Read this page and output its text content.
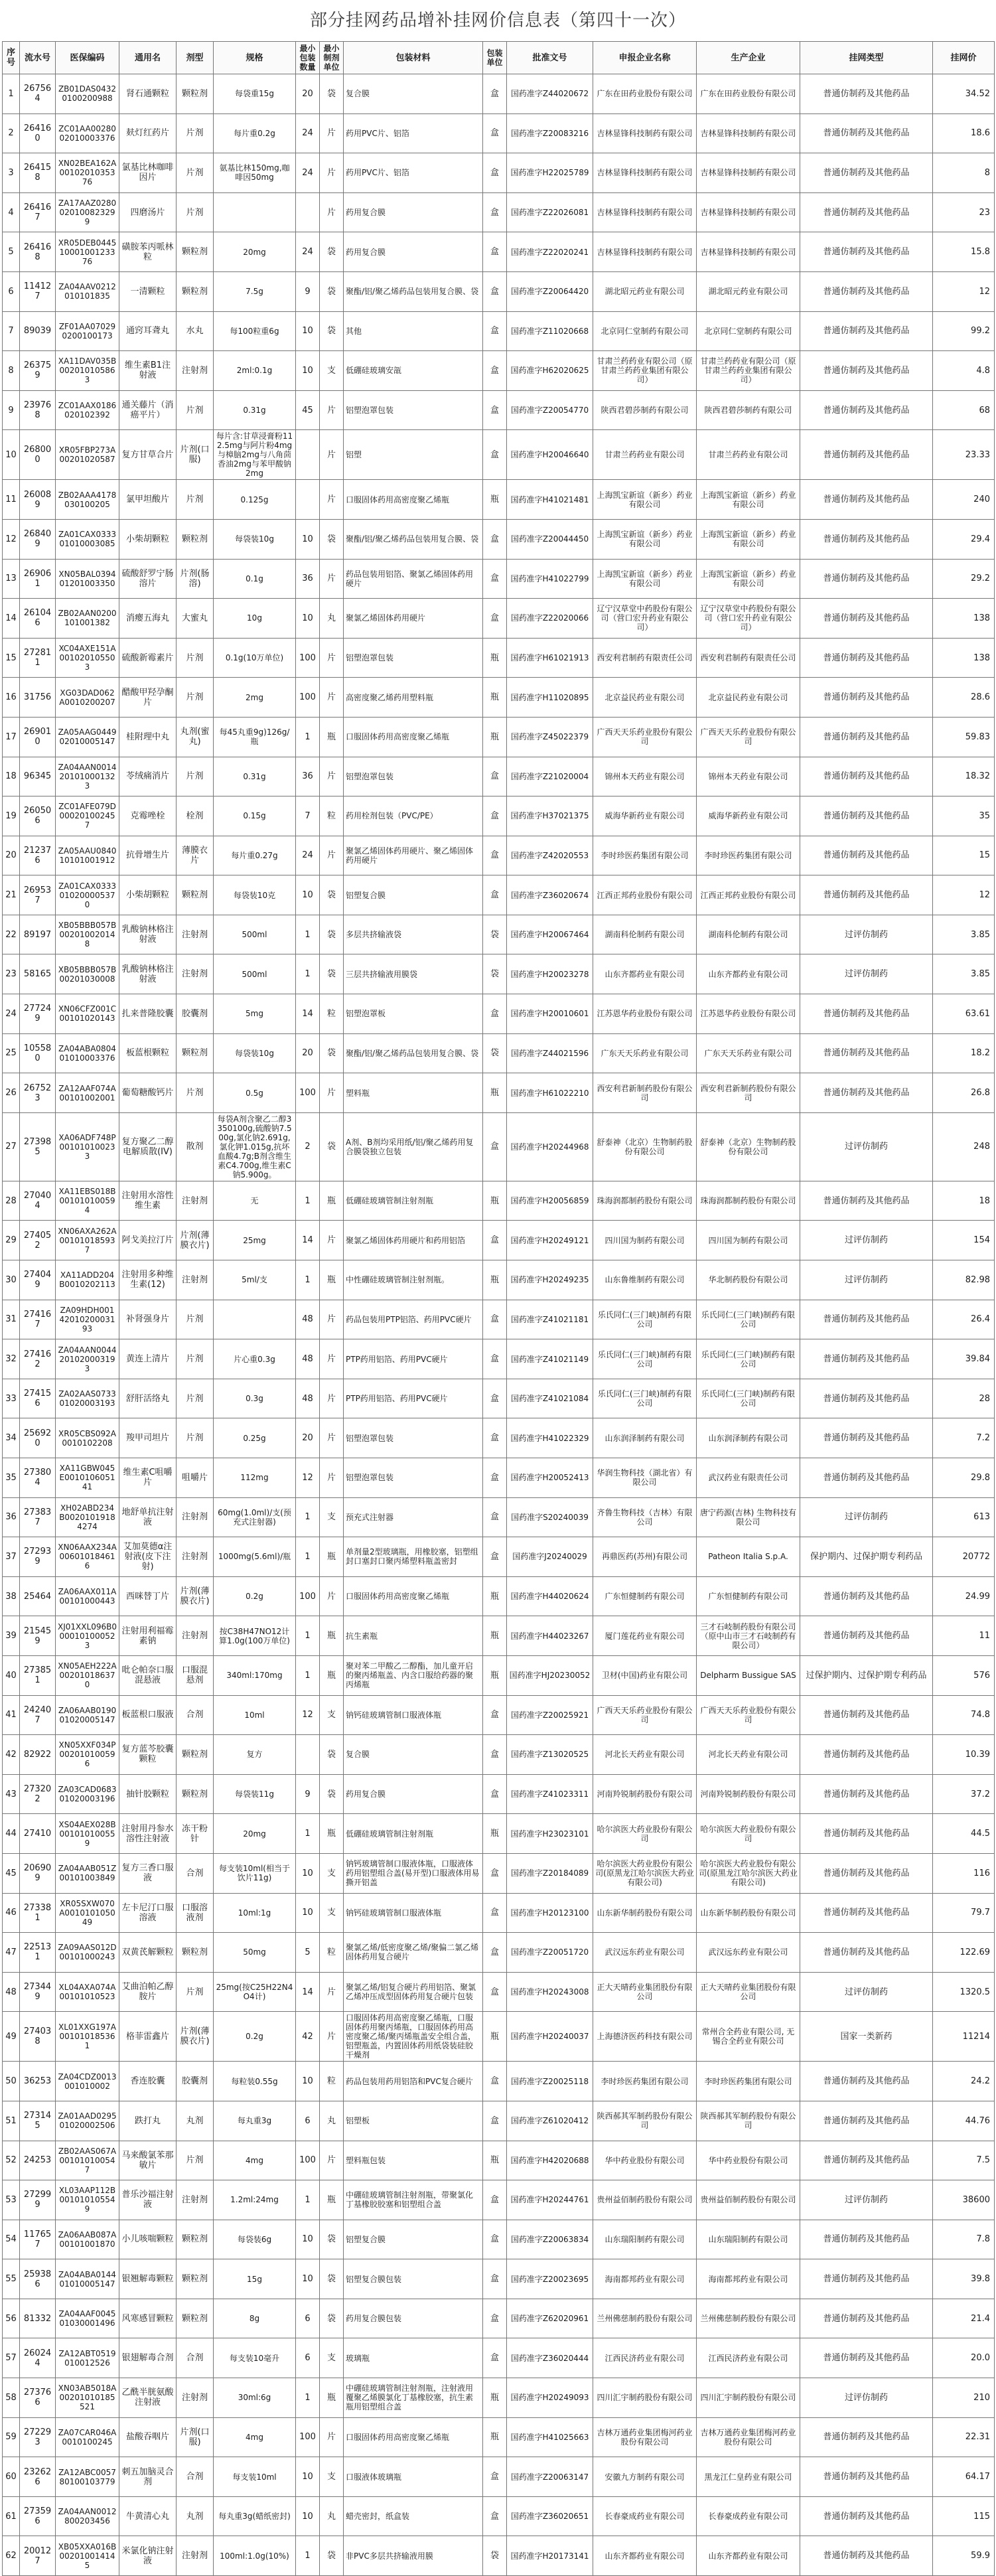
部分挂网药品增补挂网价信息表（第四十一次）
序号	流水号	医保编码	通用名	剂型	规格	最小包装数量	最小制剂单位	包装材料	包装单位	批准文号	申报企业名称	生产企业	挂网类型	挂网价
1	267564	ZB01DAS04320100200988	肾石通颗粒	颗粒剂	每袋重15g	20	袋	复合膜	盒	国药准字Z44020672	广东在田药业股份有限公司	广东在田药业股份有限公司	普通仿制药及其他药品	34.52
2	264160	ZC01AA0028002010003376	麸灯红药片	片剂	每片重0.2g	24	片	药用PVC片、铝箔	盒	国药准字Z20083216	吉林显锋科技制药有限公司	吉林显锋科技制药有限公司	普通仿制药及其他药品	18.6
3	264158	XN02BEA162A0010201035376	氯基比林咖啡因片	片剂	氨基比林150mg,咖啡因50mg	24	片	药用PVC片、铝箔	盒	国药准字H22025789	吉林显锋科技制药有限公司	吉林显锋科技制药有限公司	普通仿制药及其他药品	8
4	264167	ZA17AAZ0280020100823299	四磨汤片	片剂			片	药用复合膜	盒	国药准字Z22026081	吉林显锋科技制药有限公司	吉林显锋科技制药有限公司	普通仿制药及其他药品	23
5	264168	XR05DEB04451000100123376	磺胺苯丙哌林粒	颗粒剂	20mg	24	袋	药用复合膜	盒	国药准字Z22020241	吉林显锋科技制药有限公司	吉林显锋科技制药有限公司	普通仿制药及其他药品	15.8
6	114127	ZA04AAV0212010101835	一清颗粒	颗粒剂	7.5g	9	袋	聚酯/铝/聚乙烯药品包装用复合膜、袋	盒	国药准字Z20064420	湖北昭元药业有限公司	湖北昭元药业有限公司	普通仿制药及其他药品	12
7	89039	ZF01AA070290200100173	通窍耳聋丸	水丸	每100粒重6g	10	袋	其他	盒	国药准字Z11020668	北京同仁堂制药有限公司	北京同仁堂制药有限公司	普通仿制药及其他药品	99.2
8	263759	XA11DAV035B002010105863	维生素B1注射液	注射剂	2ml:0.1g	10	支	低硼硅玻璃安瓿	盒	国药准字H62020625	甘肃兰药药业有限公司（原甘肃兰药药业集团有限公司）	甘肃兰药药业有限公司（原甘肃兰药药业集团有限公司）	普通仿制药及其他药品	4.8
9	239768	ZC01AAX0186020102392	通关藤片（消癌平片）	片剂	0.31g	45	片	铝塑泡罩包装	盒	国药准字Z20054770	陕西君碧莎制药有限公司	陕西君碧莎制药有限公司	普通仿制药及其他药品	68
10	268000	XR05FBP273A00201020587	复方甘草合片	片剂(口服)	每片含:甘草浸膏粉112.5mg与阿片粉4mg与樟脑2mg与八角茴香油2mg与苯甲酸钠2mg		片	铝塑	盒	国药准字H20046640	甘肃兰药药业有限公司	甘肃兰药药业有限公司	普通仿制药及其他药品	23.33
11	260089	ZB02AAA4178030100205	氯甲坦酸片	片剂	0.125g		片	口服固体药用高密度聚乙烯瓶	瓶	国药准字H41021481	上海凯宝新谊（新乡）药业有限公司	上海凯宝新谊（新乡）药业有限公司	普通仿制药及其他药品	240
12	268409	ZA01CAX033301010003085	小柴胡颗粒	颗粒剂	每袋装10g	10	袋	聚酯/铝/聚乙烯药品包装用复合膜、袋	盒	国药准字Z20044450	上海凯宝新谊（新乡）药业有限公司	上海凯宝新谊（新乡）药业有限公司	普通仿制药及其他药品	29.4
13	269061	XN05BAL039401201003350	硫酸舒罗宁肠溶片	片剂(肠溶)	0.1g	36	片	药品包装用铝箔、聚氯乙烯固体药用硬片	盒	国药准字H41022799	上海凯宝新谊（新乡）药业有限公司	上海凯宝新谊（新乡）药业有限公司	普通仿制药及其他药品	29.2
14	261046	ZB02AAN0200101001382	消瘿五海丸	大蜜丸	10g	10	丸	聚氯乙烯固体药用硬片	盒	国药准字Z22020066	辽宁汉草堂中药股份有限公司（营口宏升药业有限公司）	辽宁汉草堂中药股份有限公司（营口宏升药业有限公司）	普通仿制药及其他药品	138
15	272811	XC04AXE151A001020105503	硫酸新霉素片	片剂	0.1g(10万单位)	100	片	铝塑泡罩包装	瓶	国药准字H61021913	西安利君制药有限责任公司	西安利君制药有限责任公司	普通仿制药及其他药品	138
16	31756	XG03DAD062A0010200207	醋酸甲羟孕酮片	片剂	2mg	100	片	高密度聚乙烯药用塑料瓶	瓶	国药准字H11020895	北京益民药业有限公司	北京益民药业有限公司	普通仿制药及其他药品	28.6
17	269010	ZA05AAG044902010005147	桂附理中丸	丸剂(蜜丸)	每45丸重9g)126g/瓶	1	瓶	口服固体药用高密度聚乙烯瓶	瓶	国药准字Z45022379	广西天天乐药业股份有限公司	广西天天乐药业股份有限公司	普通仿制药及其他药品	59.83
18	96345	ZA04AAN0014201010001323	苓绒痛消片	片剂	0.31g	36	片	铝塑泡罩包装	盒	国药准字Z21020004	锦州本天药业有限公司	锦州本天药业有限公司	普通仿制药及其他药品	18.32
19	260506	ZC01AFE079D000201002457	克霉唑栓	栓剂	0.15g	7	粒	药用栓剂包装（PVC/PE）	盒	国药准字H37021375	威海华新药业有限公司	威海华新药业有限公司	普通仿制药及其他药品	35
20	212376	ZA05AAU084010101001912	抗骨增生片	薄膜衣片	每片重0.27g	24	片	聚氯乙烯固体药用硬片、聚乙烯固体药用硬片	盒	国药准字Z42020553	李时珍医药集团有限公司	李时珍医药集团有限公司	普通仿制药及其他药品	15
21	269537	ZA01CAX0333010200005370	小柴胡颗粒	颗粒剂	每袋装10克	10	袋	铝塑复合膜	盒	国药准字Z36020674	江西正邦药业股份有限公司	江西正邦药业股份有限公司	普通仿制药及其他药品	12
22	89197	XB05BBB057B002010020148	乳酸钠林格注射液	注射剂	500ml	1	袋	多层共挤输液袋	袋	国药准字H20067464	湖南科伦制药有限公司	湖南科伦制药有限公司	过评仿制药	3.85
23	58165	XB05BBB057B00201030008	乳酸钠林格注射液	注射剂	500ml	1	袋	三层共挤输液用膜袋	袋	国药准字H20023278	山东齐都药业有限公司	山东齐都药业有限公司	过评仿制药	3.85
24	277249	XN06CFZ001C00101020143	扎来普隆胶囊	胶囊剂	5mg	14	粒	铝塑泡罩板	盒	国药准字H20010601	江苏恩华药业股份有限公司	江苏恩华药业股份有限公司	普通仿制药及其他药品	63.61
25	105580	ZA04ABA080401010003376	板蓝根颗粒	颗粒剂	每袋装10g	20	袋	聚酯/铝/聚乙烯药品包装用复合膜、袋	袋	国药准字Z44021596	广东天天乐药业有限公司	广东天天乐药业有限公司	普通仿制药及其他药品	18.2
26	267523	ZA12AAF074A00101002001	葡萄糖酸钙片	片剂	0.5g	100	片	塑料瓶	瓶	国药准字H61022210	西安利君新制药股份有限公司	西安利君新制药股份有限公司	普通仿制药及其他药品	26.8
27	273985	XA06ADF748P001010100233	复方聚乙二醇电解质散(IV)	散剂	每袋A剂含聚乙二醇3350100g,硫酸钠7.500g,氯化钠2.691g,氯化钾1.015g,抗坏血酸4.7g;B剂含维生素C4.700g,维生素C钠5.900g。	2	袋	A剂、B剂均采用纸/铝/聚乙烯药用复合膜袋独立包装	盒	国药准字H20244968	舒泰神（北京）生物制药股份有限公司	舒泰神（北京）生物制药股份有限公司	过评仿制药	248
28	270404	XA11EBS018B001010100594	注射用水溶性维生素	注射剂	无	1	瓶	低硼硅玻璃管制注射剂瓶	瓶	国药准字H20056859	珠海润都制药股份有限公司	珠海润都制药股份有限公司	普通仿制药及其他药品	18
29	274052	XN06AXA262A001010185937	阿戈美拉汀片	片剂(薄膜衣片)	25mg	14	片	聚氯乙烯固体药用硬片和药用铝箔	盒	国药准字H20249121	四川国为制药有限公司	四川国为制药有限公司	过评仿制药	154
30	274049	XA11ADD204B0010202113	注射用多种维生素(12)	注射剂	5ml/支	1	瓶	中性硼硅玻璃管制注射剂瓶。	瓶	国药准字H20249235	山东鲁维制药有限公司	华北制药股份有限公司	过评仿制药	82.98
31	274167	ZA09HDH0014201020003193	补肾强身片	片剂		48	片	药品包装用PTP铝箔、药用PVC硬片	盒	国药准字Z41021181	乐氏同仁(三门峡)制药有限公司	乐氏同仁(三门峡)制药有限公司	普通仿制药及其他药品	26.4
32	274162	ZA04AAN0044201020003193	黄连上清片	片剂	片心重0.3g	48	片	PTP药用铝箔、药用PVC硬片	盒	国药准字Z41021149	乐氏同仁(三门峡)制药有限公司	乐氏同仁(三门峡)制药有限公司	普通仿制药及其他药品	39.84
33	274156	ZA02AAS073301020003193	舒肝活络丸	片剂	0.3g	48	片	PTP药用铝箔、药用PVC硬片	盒	国药准字Z41021084	乐氏同仁(三门峡)制药有限公司	乐氏同仁(三门峡)制药有限公司	普通仿制药及其他药品	28
34	256920	XR05CBS092A0010102208	羧甲司坦片	片剂	0.25g	20	片	铝塑泡罩包装	盒	国药准字H41022329	山东润泽制药有限公司	山东润泽制药有限公司	普通仿制药及其他药品	7.2
35	273804	XA11GBW045E001010605141	维生素C咀嚼片	咀嚼片	112mg	12	片	铝塑泡罩包装	盒	国药准字H20052413	华润生物科技（湖北省）有限公司	武汉药业有限责任公司	普通仿制药及其他药品	29.8
36	273837	XH02ABD234B00201019184274	地舒单抗注射液	注射剂	60mg(1.0ml)/支(预充式注射器)	1	支	预充式注射器	盒	国药准字S20240039	齐鲁生物科技（吉林）有限公司	唐宁药源(吉林) 生物科技有限公司	过评仿制药	613
37	272939	XN06AAX234A006010184616	艾加莫德α注射液(皮下注射)	注射剂	1000mg(5.6ml)/瓶	1	瓶	单剂量2型玻璃瓶，用橡胶塞，铝塑组封口塞封口聚丙烯塑料瓶盖密封	盒	国药准字J20240029	再鼎医药(苏州)有限公司	Patheon Italia S.p.A.	保护期内、过保护期专利药品	20772
38	25464	ZA06AAX011A00101000443	西咪替丁片	片剂(薄膜衣片)	0.2g	100	片	口服固体药用高密度聚乙烯瓶	瓶	国药准字H44020624	广东恒健制药有限公司	广东恒健制药有限公司	普通仿制药及其他药品	24.99
39	215459	XJ01XXL096B0000101000523	注射用利福霉素钠	注射剂	按C38H47NO12计算1.0g(100万单位)	1	瓶	抗生素瓶	瓶	国药准字H44023267	厦门莲花药业有限公司	三才石岐制药股份有限公司（原中山市三才石岐制药有限公司）	普通仿制药及其他药品	11
40	273851	XN05AEH222A002010186370	吡仑帕奈口服混悬液	口服混悬剂	340ml:170mg	1	瓶	聚对苯二甲酸乙二醇酯，加儿童开启的聚丙烯瓶盖、内含口服给药器的聚丙烯瓶	瓶	国药准字HJ20230052	卫材(中国)药业有限公司	Delpharm Bussigue SAS	过保护期内、过保护期专利药品	576
41	242407	ZA06AAB019001020005147	板蓝根口服液	合剂	10ml	12	支	钠钙硅玻璃管制口服液体瓶	盒	国药准字Z20025921	广西天天乐药业股份有限公司	广西天天乐药业股份有限公司	普通仿制药及其他药品	74.8
42	82922	XN05XXF034P002010100596	复方蓝芩胶囊颗粒	颗粒剂	复方		袋	复合膜	盒	国药准字Z13020525	河北长天药业有限公司	河北长天药业有限公司	普通仿制药及其他药品	10.39
43	273202	ZA03CAD068301020003196	抽针胶颗粒	颗粒剂	每袋装11g	9	袋	药用复合膜	盒	国药准字Z41023311	河南羚锐制药股份有限公司	河南羚锐制药股份有限公司	普通仿制药及其他药品	37.2
44	27410	XS04AEX028B001010100559	注射用丹参水溶性注射液	冻干粉针	20mg	1	瓶	低硼硅玻璃管制注射剂瓶	瓶	国药准字H23023101	哈尔滨医大药业股份有限公司	哈尔滨医大药业股份有限公司	普通仿制药及其他药品	44.5
45	206909	ZA04AAB051Z00101003849	复方三香口服液	合剂	每支装10ml(相当于饮片11g)	10	支	钠钙玻璃管制口服液体瓶，口服液体药用铝塑组合盖(易开型)口服液体用易撕开铝盖	盒	国药准字Z20184089	哈尔滨医大药业股份有限公司(原黑龙江哈尔滨医大药业有限公司)	哈尔滨医大药业股份有限公司(原黑龙江哈尔滨医大药业有限公司)	普通仿制药及其他药品	116
46	273381	XR05SXW070A001010105049	左卡尼汀口服溶液	口服溶液剂	10ml:1g	10	支	钠钙硅玻璃管制口服液体瓶	盒	国药准字H20123100	山东新华制药股份有限公司	山东新华制药股份有限公司	普通仿制药及其他药品	79.7
47	225131	ZA09AAS012D00101000243	双黄芪解颗粒	颗粒剂	50mg	5	粒	聚氯乙烯/低密度聚乙烯/聚偏二氯乙烯固体药用复合硬片	盒	国药准字Z20051720	武汉远东药业有限公司	武汉远东药业有限公司	普通仿制药及其他药品	122.69
48	273449	XL04AXA074A00101010523	艾曲泊帕乙醇胺片	片剂	25mg(按C25H22N4O4计)	14	片	聚氯乙烯/铝复合硬片药用铝箔、聚氯乙烯冲压成型固体药用复合硬片包装	盒	国药准字H20243008	正大天晴药业集团股份有限公司	正大天晴药业集团股份有限公司	过评仿制药	1320.5
49	274038	XL01XXG197A001010185361	格菲雷鑫片	片剂(薄膜衣片)	0.2g	42	片	口服固体药用高密度聚乙烯瓶，口服固体药用聚丙烯瓶，口服固体药用高密度聚乙烯/聚丙烯瓶盖安全组合盖，铝塑瓶盖，内置固体药用纸袋装硅胶干燥剂	瓶	国药准字H20240037	上海德济医药科技有限公司	常州合全药业有限公司, 无锡合全药业有限公司	国家一类新药	11214
50	36253	ZA04CDZ0013001010002	香连胶囊	胶囊剂	每粒装0.55g	10	粒	药品包装用药用铝箔和PVC复合硬片	盒	国药准字Z20025118	李时珍医药集团有限公司	李时珍医药集团有限公司	普通仿制药及其他药品	24.2
51	273145	ZA01AAD029501020002506	跌打丸	丸剂	每丸重3g	6	丸	铝塑板	盒	国药准字Z61020412	陕西郝其军制药股份有限公司	陕西郝其军制药股份有限公司	普通仿制药及其他药品	44.76
52	24253	ZB02AAS067A001010100547	马来酸氯苯那敏片	片剂	4mg	100	片	塑料瓶包装	瓶	国药准字H42020688	华中药业股份有限公司	华中药业股份有限公司	普通仿制药及其他药品	7.5
53	272999	XL03AAP112B001010105549	普乐沙福注射液	注射剂	1.2ml:24mg	1	瓶	中硼硅玻璃管制注射剂瓶，带聚氯化丁基橡胶胶塞和铝塑组合盖	盒	国药准字H20244761	贵州益佰制药股份有限公司	贵州益佰制药股份有限公司	过评仿制药	38600
54	117657	ZA06AAB087A00101001870	小儿咳喘颗粒	颗粒剂	每袋装6g	10	袋	铝塑复合膜	盒	国药准字Z20063834	山东瑞阳制药有限公司	山东瑞阳制药有限公司	普通仿制药及其他药品	7.8
55	259386	ZA04ABA014401010005147	银翘解毒颗粒	颗粒剂	15g	10	袋	铝塑复合膜包装	盒	国药准字Z20023695	海南都邦药业有限公司	海南都邦药业有限公司	普通仿制药及其他药品	39.8
56	81332	ZA04AAF004501030001496	风寒感冒颗粒	颗粒剂	8g	6	袋	药用复合膜包装	盒	国药准字Z62020961	兰州佛慈制药股份有限公司	兰州佛慈制药股份有限公司	普通仿制药及其他药品	21.4
57	260244	ZA12ABT0519010012526	银翅解毒合剂	合剂	每支装10毫升	6	支	玻璃瓶	盒	国药准字Z36020444	江西民济药业有限公司	江西民济药业有限公司	普通仿制药及其他药品	20.0
58	273766	XN03AB5018A00201010185521	乙酰半胱氨酸注射液	注射剂	30ml:6g	1	瓶	中硼硅玻璃管制注射剂瓶，注射液用覆聚乙烯膜氯化丁基橡胶塞，抗生素瓶用铝塑组合盖	瓶	国药准字H20249093	四川汇宇制药股份有限公司	四川汇宇制药股份有限公司	过评仿制药	210
59	272293	ZA07CAR046A0010100245	盐酸吞咽片	片剂(口服)	4mg	100	片	口服固体药用高密度聚乙烯瓶	瓶	国药准字H41025663	吉林万通药业集团梅河药业股份有限公司	吉林万通药业集团梅河药业股份有限公司	普通仿制药及其他药品	22.31
60	232626	ZA12ABC005780100103779	刺五加脑灵合剂	合剂	每支装10ml	10	支	口服液体玻璃瓶	盒	国药准字Z20063147	安徽九方制药有限公司	黑龙江仁皇药业有限公司	普通仿制药及其他药品	64.17
61	273596	ZA04AAN0012800203456	牛黄清心丸	丸剂	每丸重3g(蜡纸密封)	10	丸	蜡壳密封，纸盒装	盒	国药准字Z36020651	长春豪成药业有限公司	长春豪成药业有限公司	普通仿制药及其他药品	115
62	200127	XB05XXA016B002010014145	米氯化钠注射液	注射剂	100ml:1.0g(10%)	1	袋	非PVC多层共挤输液用膜	袋	国药准字H20173141	山东齐都药业有限公司	山东齐都药业有限公司	普通仿制药及其他药品	59.9
